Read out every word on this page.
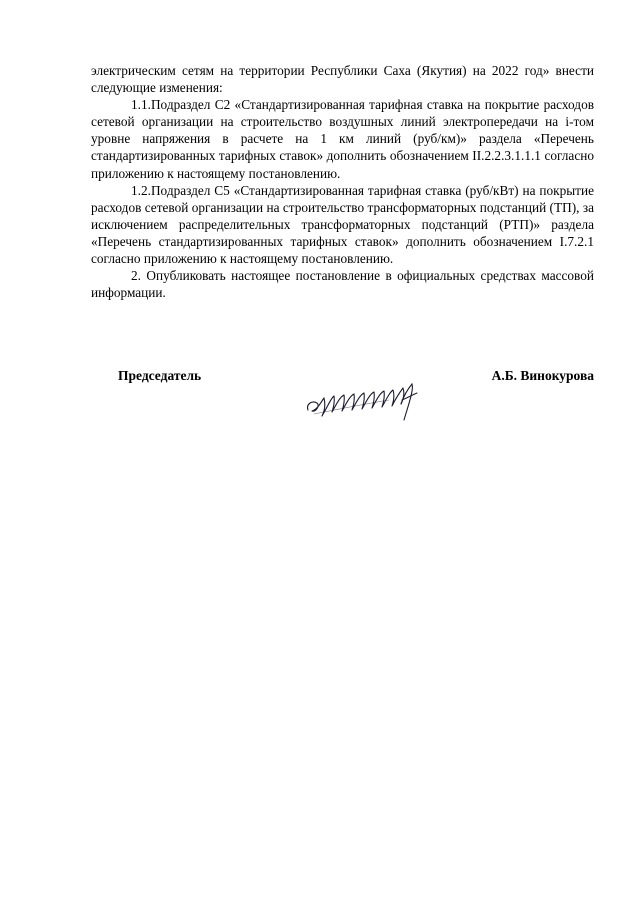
электрическим сетям на территории Республики Саха (Якутия) на 2022 год» внести следующие изменения:

1.1.Подраздел С2 «Стандартизированная тарифная ставка на покрытие расходов сетевой организации на строительство воздушных линий электропередачи на i-том уровне напряжения в расчете на 1 км линий (руб/км)» раздела «Перечень стандартизированных тарифных ставок» дополнить обозначением II.2.2.3.1.1.1 согласно приложению к настоящему постановлению.

1.2.Подраздел С5 «Стандартизированная тарифная ставка (руб/кВт) на покрытие расходов сетевой организации на строительство трансформаторных подстанций (ТП), за исключением распределительных трансформаторных подстанций (РТП)» раздела «Перечень стандартизированных тарифных ставок» дополнить обозначением I.7.2.1 согласно приложению к настоящему постановлению.

2. Опубликовать настоящее постановление в официальных средствах массовой информации.

Председатель	А.Б. Винокурова
